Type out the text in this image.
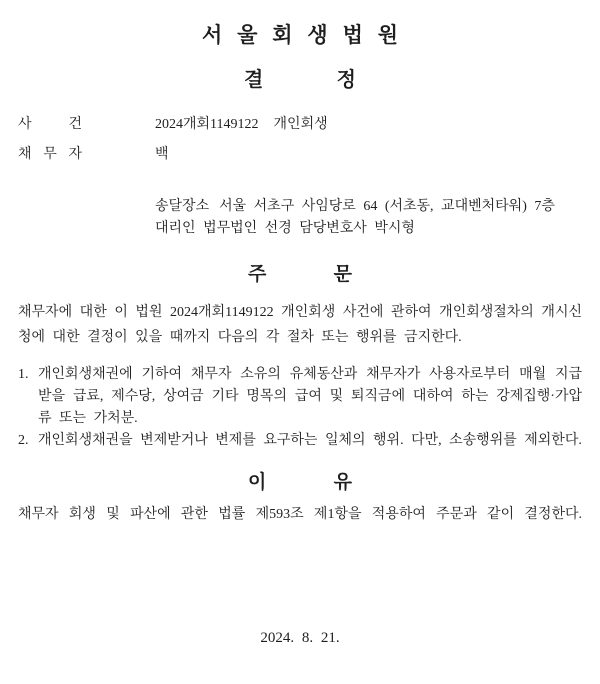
서 울 회 생 법 원
결 정
사 건	2024개회1149122  개인회생
채 무 자	백
송달장소 서울 서초구 사임당로 64 (서초동, 교대벤처타워) 7층
대리인 법무법인 선경 담당변호사 박시형
주 문

채무자에 대한 이 법원 2024개회1149122 개인회생 사건에 관하여 개인회생절차의 개시신청에 대한 결정이 있을 때까지 다음의 각 절차 또는 행위를 금지한다.

1. 개인회생채권에 기하여 채무자 소유의 유체동산과 채무자가 사용자로부터 매월 지급받을 급료, 제수당, 상여금 기타 명목의 급여 및 퇴직금에 대하여 하는 강제집행·가압류 또는 가처분.
2. 개인회생채권을 변제받거나 변제를 요구하는 일체의 행위. 다만, 소송행위를 제외한다.
이 유

채무자 회생 및 파산에 관한 법률 제593조 제1항을 적용하여 주문과 같이 결정한다.

2024. 8. 21.
